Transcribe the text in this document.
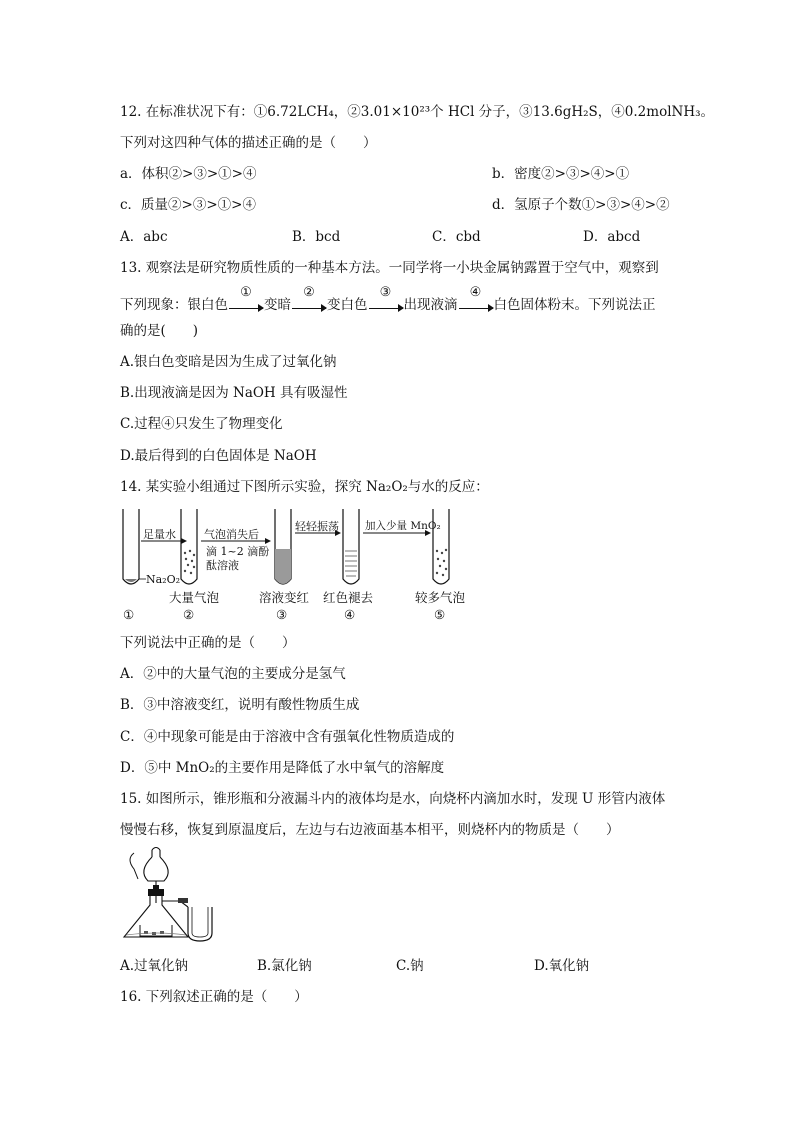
12. 在标准状况下有：①6.72LCH₄，②3.01×10²³个 HCl 分子，③13.6gH₂S，④0.2molNH₃。
下列对这四种气体的描述正确的是（　　）
a．体积②>③>①>④	b．密度②>③>④>①
c．质量②>③>①>④	d．氢原子个数①>③>④>②
A．abc	B．bcd	C．cbd	D．abcd
13. 观察法是研究物质性质的一种基本方法。一同学将一小块金属钠露置于空气中，观察到
下列现象：银白色
①
变暗
②
变白色
③
出现液滴
④
白色固体粉末。下列说法正
确的是(　　)
A.银白色变暗是因为生成了过氧化钠
B.出现液滴是因为 NaOH 具有吸湿性
C.过程④只发生了物理变化
D.最后得到的白色固体是 NaOH
14. 某实验小组通过下图所示实验，探究 Na₂O₂与水的反应：
足量水	气泡消失后
滴 1~2 滴酚
酞溶液
轻轻振荡 加入少量 MnO₂
Na₂O₂
大量气泡	溶液变红 红色褪去	较多气泡
①	②	③	④	⑤
下列说法中正确的是（　　）
A．②中的大量气泡的主要成分是氢气
B．③中溶液变红，说明有酸性物质生成
C．④中现象可能是由于溶液中含有强氧化性物质造成的
D．⑤中 MnO₂的主要作用是降低了水中氧气的溶解度
15. 如图所示，锥形瓶和分液漏斗内的液体均是水，向烧杯内滴加水时，发现 U 形管内液体
慢慢右移，恢复到原温度后，左边与右边液面基本相平，则烧杯内的物质是（　　）
A.过氧化钠	B.氯化钠	C.钠	D.氧化钠
16. 下列叙述正确的是（　　）
